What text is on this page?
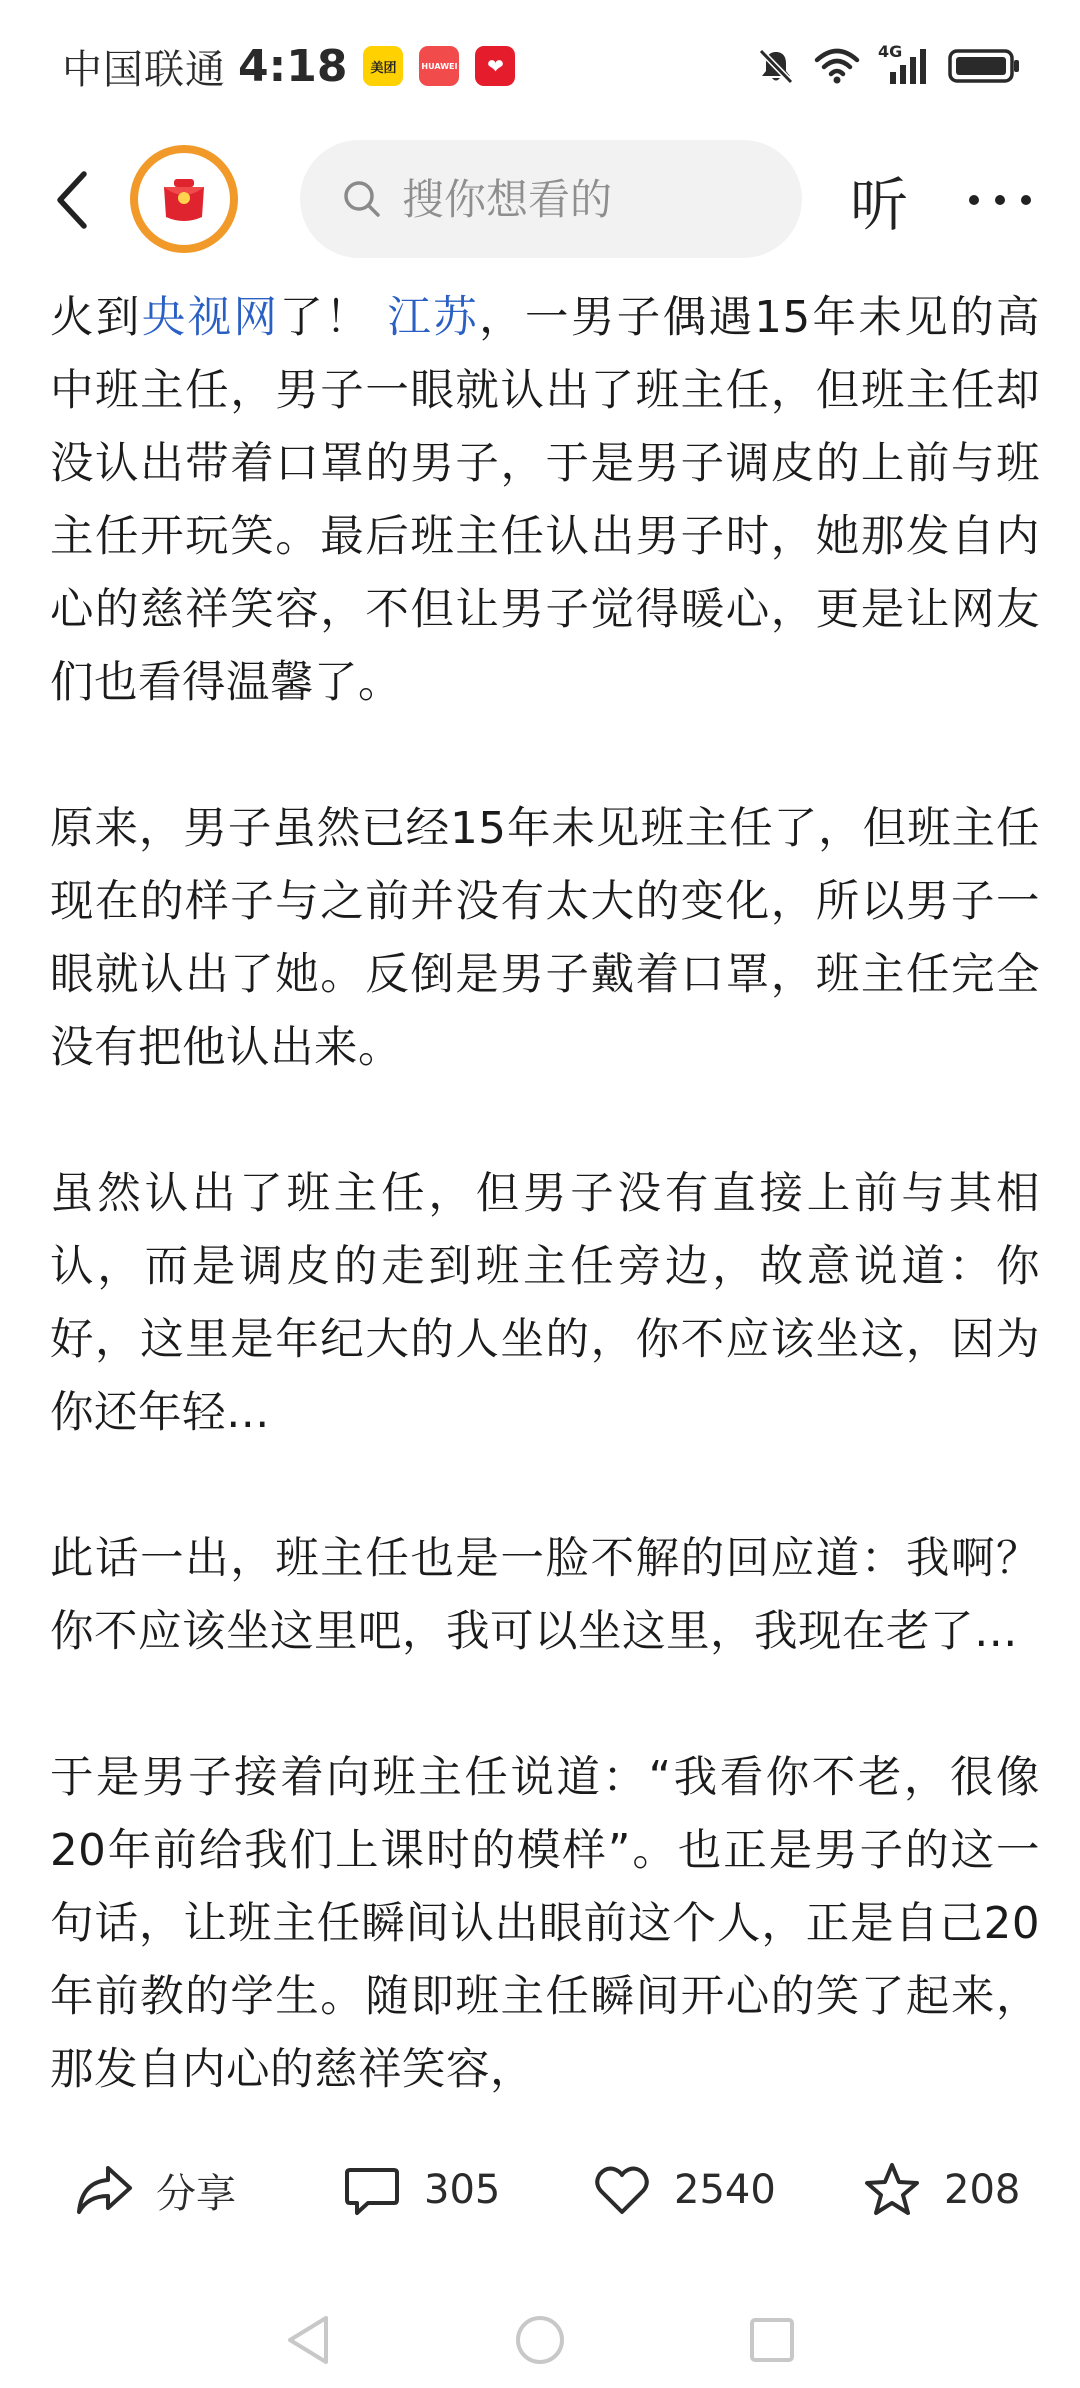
中国联通 4:18	美团	HUAWEI	❤
4G
搜你想看的
听

火到央视网了！ 江苏，一男子偶遇15年未见的高中班主任，男子一眼就认出了班主任，但班主任却没认出带着口罩的男子，于是男子调皮的上前与班主任开玩笑。最后班主任认出男子时，她那发自内心的慈祥笑容，不但让男子觉得暖心，更是让网友们也看得温馨了。

原来，男子虽然已经15年未见班主任了，但班主任现在的样子与之前并没有太大的变化，所以男子一眼就认出了她。反倒是男子戴着口罩，班主任完全没有把他认出来。

虽然认出了班主任，但男子没有直接上前与其相认，而是调皮的走到班主任旁边，故意说道：你好，这里是年纪大的人坐的，你不应该坐这，因为你还年轻…

此话一出，班主任也是一脸不解的回应道：我啊？你不应该坐这里吧，我可以坐这里，我现在老了…

于是男子接着向班主任说道：“我看你不老，很像20年前给我们上课时的模样”。也正是男子的这一句话，让班主任瞬间认出眼前这个人，正是自己20年前教的学生。随即班主任瞬间开心的笑了起来，那发自内心的慈祥笑容，

分享	305	2540	208
